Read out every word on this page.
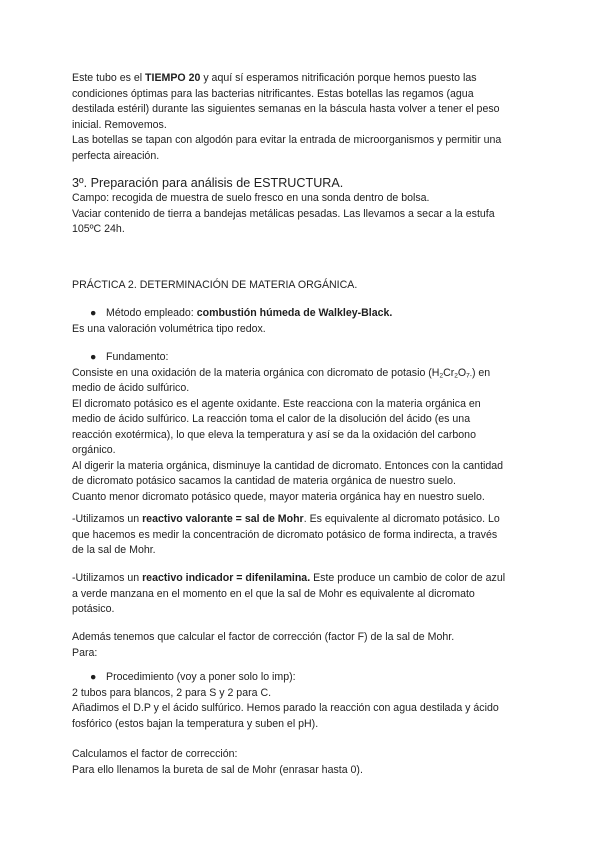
Este tubo es el TIEMPO 20 y aquí sí esperamos nitrificación porque hemos puesto las

condiciones óptimas para las bacterias nitrificantes. Estas botellas las regamos (agua

destilada estéril) durante las siguientes semanas en la báscula hasta volver a tener el peso

inicial. Removemos.

Las botellas se tapan con algodón para evitar la entrada de microorganismos y permitir una

perfecta aireación.

3º. Preparación para análisis de ESTRUCTURA.

Campo: recogida de muestra de suelo fresco en una sonda dentro de bolsa.

Vaciar contenido de tierra a bandejas metálicas pesadas. Las llevamos a secar a la estufa

105ºC 24h.

PRÁCTICA 2. DETERMINACIÓN DE MATERIA ORGÁNICA.

● Método empleado: combustión húmeda de Walkley-Black.

Es una valoración volumétrica tipo redox.

● Fundamento:

Consiste en una oxidación de la materia orgánica con dicromato de potasio $(H_2Cr_2O_{7-})$ en

medio de ácido sulfúrico.

El dicromato potásico es el agente oxidante. Este reacciona con la materia orgánica en

medio de ácido sulfúrico. La reacción toma el calor de la disolución del ácido (es una

reacción exotérmica), lo que eleva la temperatura y así se da la oxidación del carbono

orgánico.

Al digerir la materia orgánica, disminuye la cantidad de dicromato. Entonces con la cantidad

de dicromato potásico sacamos la cantidad de materia orgánica de nuestro suelo.

Cuanto menor dicromato potásico quede, mayor materia orgánica hay en nuestro suelo.

-Utilizamos un reactivo valorante = sal de Mohr. Es equivalente al dicromato potásico. Lo

que hacemos es medir la concentración de dicromato potásico de forma indirecta, a través

de la sal de Mohr.

-Utilizamos un reactivo indicador = difenilamina. Este produce un cambio de color de azul

a verde manzana en el momento en el que la sal de Mohr es equivalente al dicromato

potásico.

Además tenemos que calcular el factor de corrección (factor F) de la sal de Mohr.

Para:

● Procedimiento (voy a poner solo lo imp):

2 tubos para blancos, 2 para S y 2 para C.

Añadimos el D.P y el ácido sulfúrico. Hemos parado la reacción con agua destilada y ácido

fosfórico (estos bajan la temperatura y suben el pH).

Calculamos el factor de corrección:

Para ello llenamos la bureta de sal de Mohr (enrasar hasta 0).
